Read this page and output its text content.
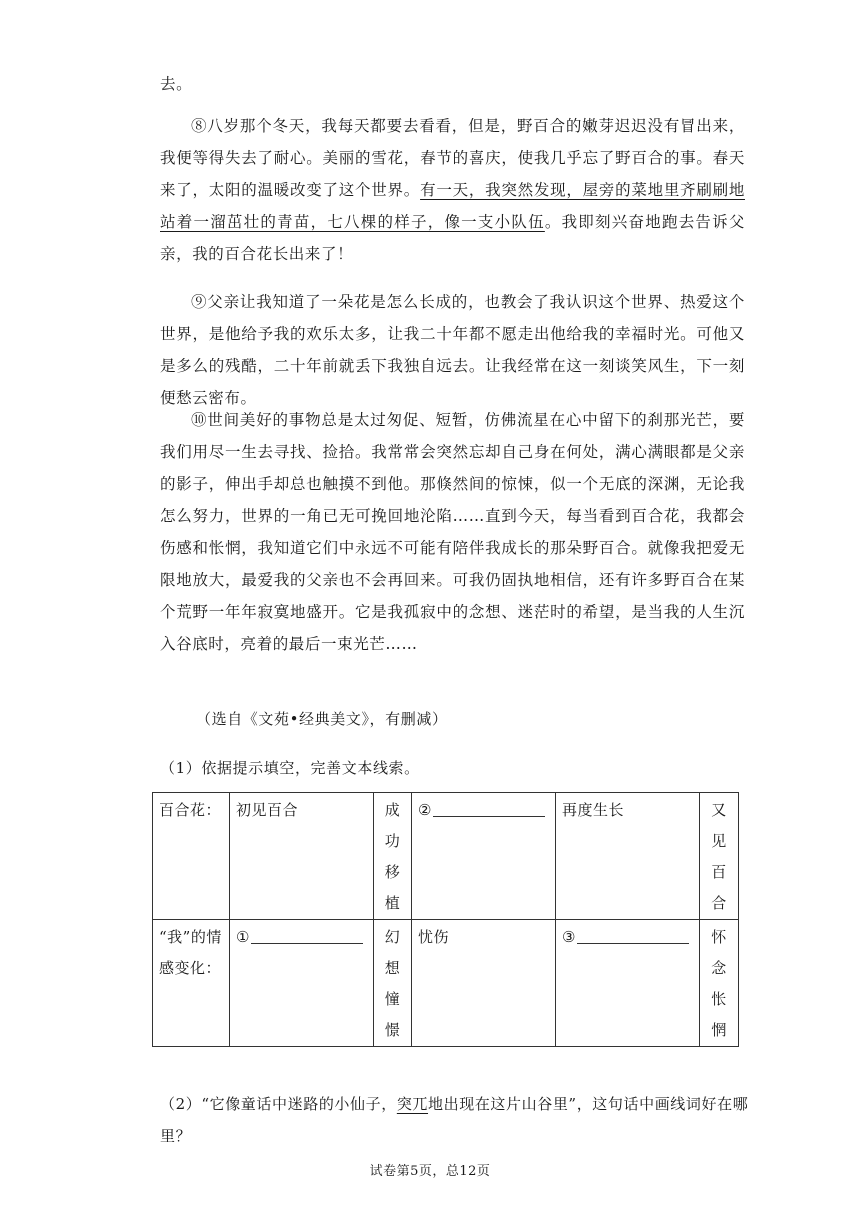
去。

⑧八岁那个冬天，我每天都要去看看，但是，野百合的嫩芽迟迟没有冒出来，我便等得失去了耐心。美丽的雪花，春节的喜庆，使我几乎忘了野百合的事。春天来了，太阳的温暖改变了这个世界。有一天，我突然发现，屋旁的菜地里齐刷刷地站着一溜茁壮的青苗，七八棵的样子，像一支小队伍。我即刻兴奋地跑去告诉父亲，我的百合花长出来了！

⑨父亲让我知道了一朵花是怎么长成的，也教会了我认识这个世界、热爱这个世界，是他给予我的欢乐太多，让我二十年都不愿走出他给我的幸福时光。可他又是多么的残酷，二十年前就丢下我独自远去。让我经常在这一刻谈笑风生，下一刻便愁云密布。

⑩世间美好的事物总是太过匆促、短暂，仿佛流星在心中留下的刹那光芒，要我们用尽一生去寻找、捡拾。我常常会突然忘却自己身在何处，满心满眼都是父亲的影子，伸出手却总也触摸不到他。那倏然间的惊悚，似一个无底的深渊，无论我怎么努力，世界的一角已无可挽回地沦陷……直到今天，每当看到百合花，我都会伤感和怅惘，我知道它们中永远不可能有陪伴我成长的那朵野百合。就像我把爱无限地放大，最爱我的父亲也不会再回来。可我仍固执地相信，还有许多野百合在某个荒野一年年寂寞地盛开。它是我孤寂中的念想、迷茫时的希望，是当我的人生沉入谷底时，亮着的最后一束光芒……

（选自《文苑•经典美文》，有删减）
（1）依据提示填空，完善文本线索。
百合花：	初见百合	成
功
移
植	②	再度生长	又
见
百
合

“我”的情感变化：	①	幻
想
憧
憬	忧伤	③	怀
念
怅
惘
（2）“它像童话中迷路的小仙子，突兀地出现在这片山谷里”，这句话中画线词好在哪里？
试卷第5页，总12页
